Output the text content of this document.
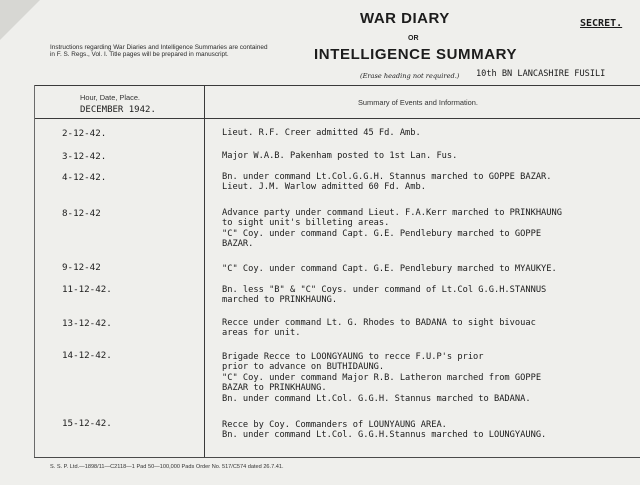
Instructions regarding War Diaries and Intelligence Summaries are contained in F. S. Regs., Vol. I. Title pages will be prepared in manuscript.
WAR DIARY
OR
INTELLIGENCE SUMMARY
(Erase heading not required.) 10th BN LANCASHIRE FUSILI
SECRET.
Hour, Date, Place.
DECEMBER 1942.
Summary of Events and Information.
2-12-42.	Lieut. R.F. Creer admitted 45 Fd. Amb.
3-12-42.	Major W.A.B. Pakenham posted to 1st Lan. Fus.
4-12-42.	Bn. under command Lt.Col.G.G.H. Stannus marched to GOPPE BAZAR.
Lieut. J.M. Warlow admitted 60 Fd. Amb.
8-12-42	Advance party under command Lieut. F.A.Kerr marched to PRINKHAUNG
to sight unit's billeting areas.
"C" Coy. under command Capt. G.E. Pendlebury marched to GOPPE
BAZAR.
9-12-42	"C" Coy. under command Capt. G.E. Pendlebury marched to MYAUKYE.
11-12-42.	Bn. less "B" & "C" Coys. under command of Lt.Col G.G.H.STANNUS
marched to PRINKHAUNG.
13-12-42.	Recce under command Lt. G. Rhodes to BADANA to sight bivouac
areas for unit.
14-12-42.	Brigade Recce to LOONGYAUNG to recce F.U.P's prior
prior to advance on BUTHIDAUNG.
"C" Coy. under command Major R.B. Latheron marched from GOPPE
BAZAR to PRINKHAUNG.
Bn. under command Lt.Col. G.G.H. Stannus marched to BADANA.
15-12-42.	Recce by Coy. Commanders of LOUNYAUNG AREA.
Bn. under command Lt.Col. G.G.H.Stannus marched to LOUNGYAUNG.
S. S. P. Ltd.—1898/11—C2118—1 Pad 50—100,000 Pads Order No. 517/C574 dated 26.7.41.
